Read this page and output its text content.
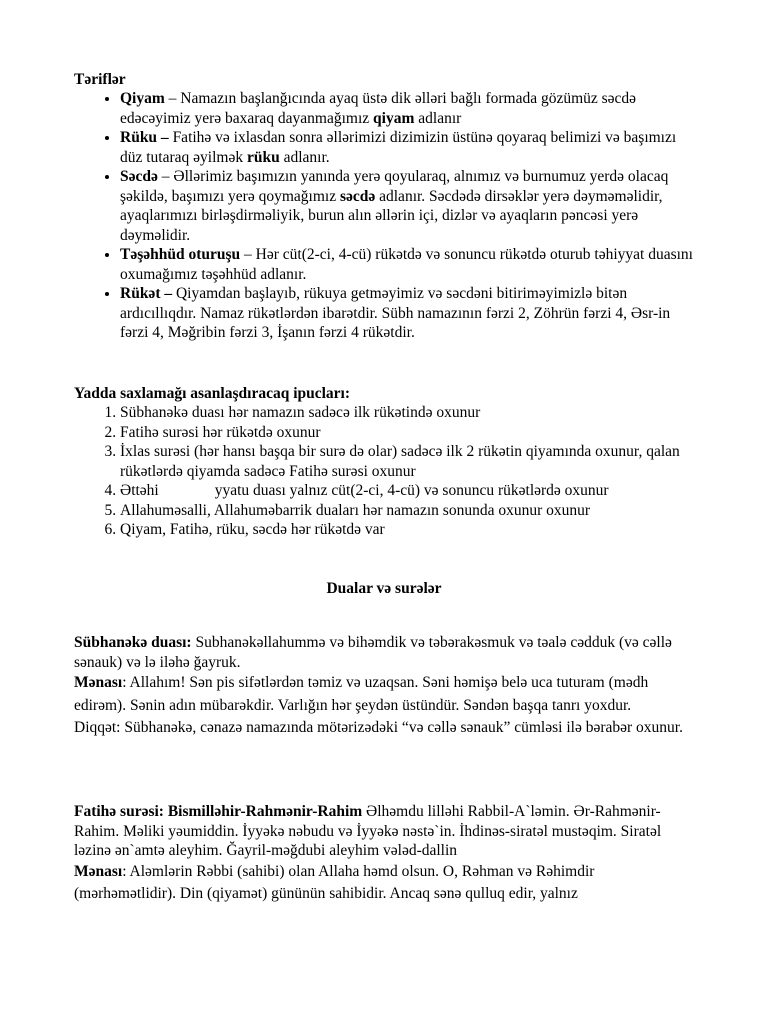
Təriflər

• Qiyam – Namazın başlanğıcında ayaq üstə dik əlləri bağlı formada gözümüz səcdə edəcəyimiz yerə baxaraq dayanmağımız qiyam adlanır
• Rüku – Fatihə və ixlasdan sonra əllərimizi dizimizin üstünə qoyaraq belimizi və başımızı düz tutaraq əyilmək rüku adlanır.
• Səcdə – Əllərimiz başımızın yanında yerə qoyularaq, alnımız və burnumuz yerdə olacaq şəkildə, başımızı yerə qoymağımız səcdə adlanır. Səcdədə dirsəklər yerə dəyməməlidir, ayaqlarımızı birləşdirməliyik, burun alın əllərin içi, dizlər və ayaqların pəncəsi yerə dəyməlidir.
• Təşəhhüd oturuşu – Hər cüt(2-ci, 4-cü) rükətdə və sonuncu rükətdə oturub təhiyyat duasını oxumağımız təşəhhüd adlanır.
• Rükət – Qiyamdan başlayıb, rükuya getməyimiz və səcdəni bitiriməyimizlə bitən ardıcıllıqdır. Namaz rükətlərdən ibarətdir. Sübh namazının fərzi 2, Zöhrün fərzi 4, Əsr-in fərzi 4, Məğribin fərzi 3, İşanın fərzi 4 rükətdir.

Yadda saxlamağı asanlaşdıracaq ipucları:

1. Sübhanəkə duası hər namazın sadəcə ilk rükətində oxunur
2. Fatihə surəsi hər rükətdə oxunur
3. İxlas surəsi (hər hansı başqa bir surə də olar) sadəcə ilk 2 rükətin qiyamında oxunur, qalan rükətlərdə qiyamda sadəcə Fatihə surəsi oxunur
4. Əttəhi	yyatu duası yalnız cüt(2-ci, 4-cü) və sonuncu rükətlərdə oxunur
5. Allahuməsalli, Allahuməbarrik duaları hər namazın sonunda oxunur oxunur
6. Qiyam, Fatihə, rüku, səcdə hər rükətdə var
Dualar və surələr

Sübhanəkə duası: Subhanəkəllahummə və bihəmdik və təbərakəsmuk və təalə cədduk (və cəllə sənauk) və lə iləhə ğayruk.

Mənası: Allahım! Sən pis sifətlərdən təmiz və uzaqsan. Səni həmişə belə uca tuturam (mədh edirəm). Sənin adın mübarəkdir. Varlığın hər şeydən üstündür. Səndən başqa tanrı yoxdur.

Diqqət: Sübhanəkə, cənazə namazında mötərizədəki “və cəllə sənauk” cümləsi ilə bərabər oxunur.

Fatihə surəsi: Bismilləhir-Rahmənir-Rahim Əlhəmdu lilləhi Rabbil-A`ləmin. Ər-Rahmənir-Rahim. Məliki yəumiddin. İyyəkə nəbudu və İyyəkə nəstə`in. İhdinəs-siratəl mustəqim. Siratəl ləzinə ən`amtə aleyhim. Ğayril-məğdubi aleyhim vələd-dallin

Mənası: Aləmlərin Rəbbi (sahibi) olan Allaha həmd olsun. O, Rəhman və Rəhimdir (mərhəmətlidir). Din (qiyamət) gününün sahibidir. Ancaq sənə qulluq edir, yalnız
